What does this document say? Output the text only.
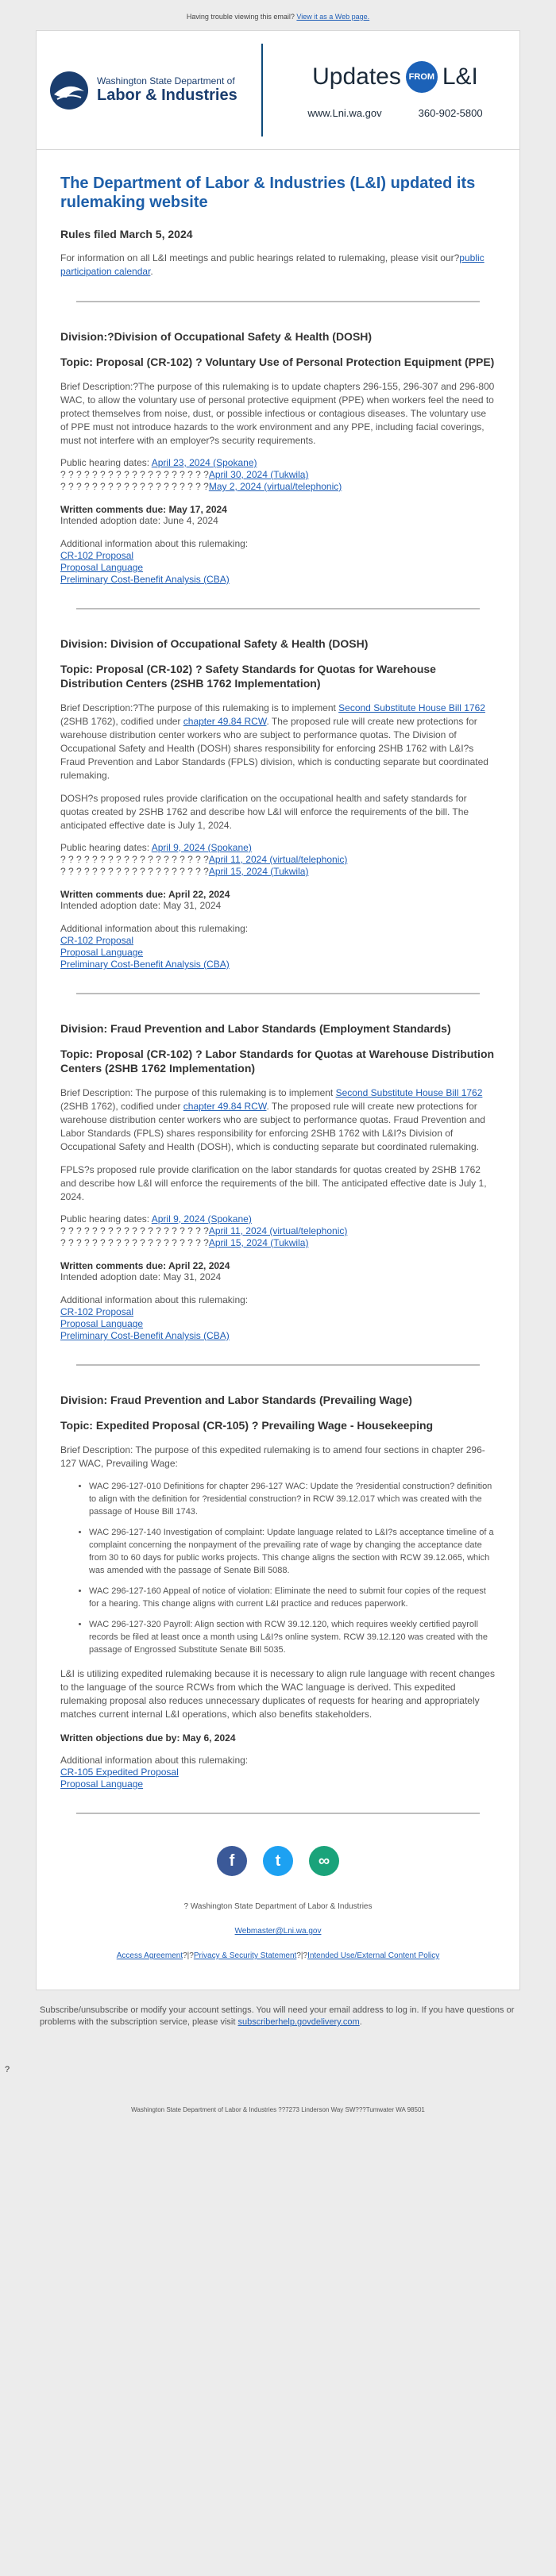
Having trouble viewing this email? View it as a Web page.
Washington State Department of
Labor & Industries
Updates FROM L&I
www.Lni.wa.gov	360-902-5800
The Department of Labor & Industries (L&I) updated its rulemaking website
Rules filed March 5, 2024

For information on all L&I meetings and public hearings related to rulemaking, please visit our?public participation calendar.

Division:?Division of Occupational Safety & Health (DOSH)
Topic: Proposal (CR-102) ? Voluntary Use of Personal Protection Equipment (PPE)

Brief Description:?The purpose of this rulemaking is to update chapters 296-155, 296-307 and 296-800 WAC, to allow the voluntary use of personal protective equipment (PPE) when workers feel the need to protect themselves from noise, dust, or possible infectious or contagious diseases. The voluntary use of PPE must not introduce hazards to the work environment and any PPE, including facial coverings, must not interfere with an employer?s security requirements.

Public hearing dates: April 23, 2024 (Spokane)
? ? ? ? ? ? ? ? ? ? ? ? ? ? ? ? ? ? ?April 30, 2024 (Tukwila)
? ? ? ? ? ? ? ? ? ? ? ? ? ? ? ? ? ? ?May 2, 2024 (virtual/telephonic)
Written comments due: May 17, 2024
Intended adoption date: June 4, 2024
Additional information about this rulemaking:
CR-102 Proposal
Proposal Language
Preliminary Cost-Benefit Analysis (CBA)
Division: Division of Occupational Safety & Health (DOSH)
Topic: Proposal (CR-102) ? Safety Standards for Quotas for Warehouse Distribution Centers (2SHB 1762 Implementation)

Brief Description:?The purpose of this rulemaking is to implement Second Substitute House Bill 1762 (2SHB 1762), codified under chapter 49.84 RCW. The proposed rule will create new protections for warehouse distribution center workers who are subject to performance quotas. The Division of Occupational Safety and Health (DOSH) shares responsibility for enforcing 2SHB 1762 with L&I?s Fraud Prevention and Labor Standards (FPLS) division, which is conducting separate but coordinated rulemaking.

DOSH?s proposed rules provide clarification on the occupational health and safety standards for quotas created by 2SHB 1762 and describe how L&I will enforce the requirements of the bill. The anticipated effective date is July 1, 2024.

Public hearing dates: April 9, 2024 (Spokane)
? ? ? ? ? ? ? ? ? ? ? ? ? ? ? ? ? ? ?April 11, 2024 (virtual/telephonic)
? ? ? ? ? ? ? ? ? ? ? ? ? ? ? ? ? ? ?April 15, 2024 (Tukwila)
Written comments due: April 22, 2024
Intended adoption date: May 31, 2024
Additional information about this rulemaking:
CR-102 Proposal
Proposal Language
Preliminary Cost-Benefit Analysis (CBA)
Division: Fraud Prevention and Labor Standards (Employment Standards)
Topic: Proposal (CR-102) ? Labor Standards for Quotas at Warehouse Distribution Centers (2SHB 1762 Implementation)

Brief Description: The purpose of this rulemaking is to implement Second Substitute House Bill 1762 (2SHB 1762), codified under chapter 49.84 RCW. The proposed rule will create new protections for warehouse distribution center workers who are subject to performance quotas. Fraud Prevention and Labor Standards (FPLS) shares responsibility for enforcing 2SHB 1762 with L&I?s Division of Occupational Safety and Health (DOSH), which is conducting separate but coordinated rulemaking.

FPLS?s proposed rule provide clarification on the labor standards for quotas created by 2SHB 1762 and describe how L&I will enforce the requirements of the bill. The anticipated effective date is July 1, 2024.

Public hearing dates: April 9, 2024 (Spokane)
? ? ? ? ? ? ? ? ? ? ? ? ? ? ? ? ? ? ?April 11, 2024 (virtual/telephonic)
? ? ? ? ? ? ? ? ? ? ? ? ? ? ? ? ? ? ?April 15, 2024 (Tukwila)
Written comments due: April 22, 2024
Intended adoption date: May 31, 2024
Additional information about this rulemaking:
CR-102 Proposal
Proposal Language
Preliminary Cost-Benefit Analysis (CBA)
Division: Fraud Prevention and Labor Standards (Prevailing Wage)
Topic: Expedited Proposal (CR-105) ? Prevailing Wage - Housekeeping

Brief Description: The purpose of this expedited rulemaking is to amend four sections in chapter 296-127 WAC, Prevailing Wage:

• WAC 296-127-010 Definitions for chapter 296-127 WAC: Update the ?residential construction? definition to align with the definition for ?residential construction? in RCW 39.12.017 which was created with the passage of House Bill 1743.
• WAC 296-127-140 Investigation of complaint: Update language related to L&I?s acceptance timeline of a complaint concerning the nonpayment of the prevailing rate of wage by changing the acceptance date from 30 to 60 days for public works projects. This change aligns the section with RCW 39.12.065, which was amended with the passage of Senate Bill 5088.
• WAC 296-127-160 Appeal of notice of violation: Eliminate the need to submit four copies of the request for a hearing. This change aligns with current L&I practice and reduces paperwork.
• WAC 296-127-320 Payroll: Align section with RCW 39.12.120, which requires weekly certified payroll records be filed at least once a month using L&I?s online system. RCW 39.12.120 was created with the passage of Engrossed Substitute Senate Bill 5035.

L&I is utilizing expedited rulemaking because it is necessary to align rule language with recent changes to the language of the source RCWs from which the WAC language is derived. This expedited rulemaking proposal also reduces unnecessary duplicates of requests for hearing and appropriately matches current internal L&I operations, which also benefits stakeholders.

Written objections due by: May 6, 2024
Additional information about this rulemaking:
CR-105 Expedited Proposal
Proposal Language
f	t	∞

? Washington State Department of Labor & Industries

Webmaster@Lni.wa.gov

Access Agreement?|?Privacy & Security Statement?|?Intended Use/External Content Policy

Subscribe/unsubscribe or modify your account settings. You will need your email address to log in. If you have questions or problems with the subscription service, please visit subscriberhelp.govdelivery.com.
?
Washington State Department of Labor & Industries ??7273 Linderson Way SW???Tumwater WA 98501
